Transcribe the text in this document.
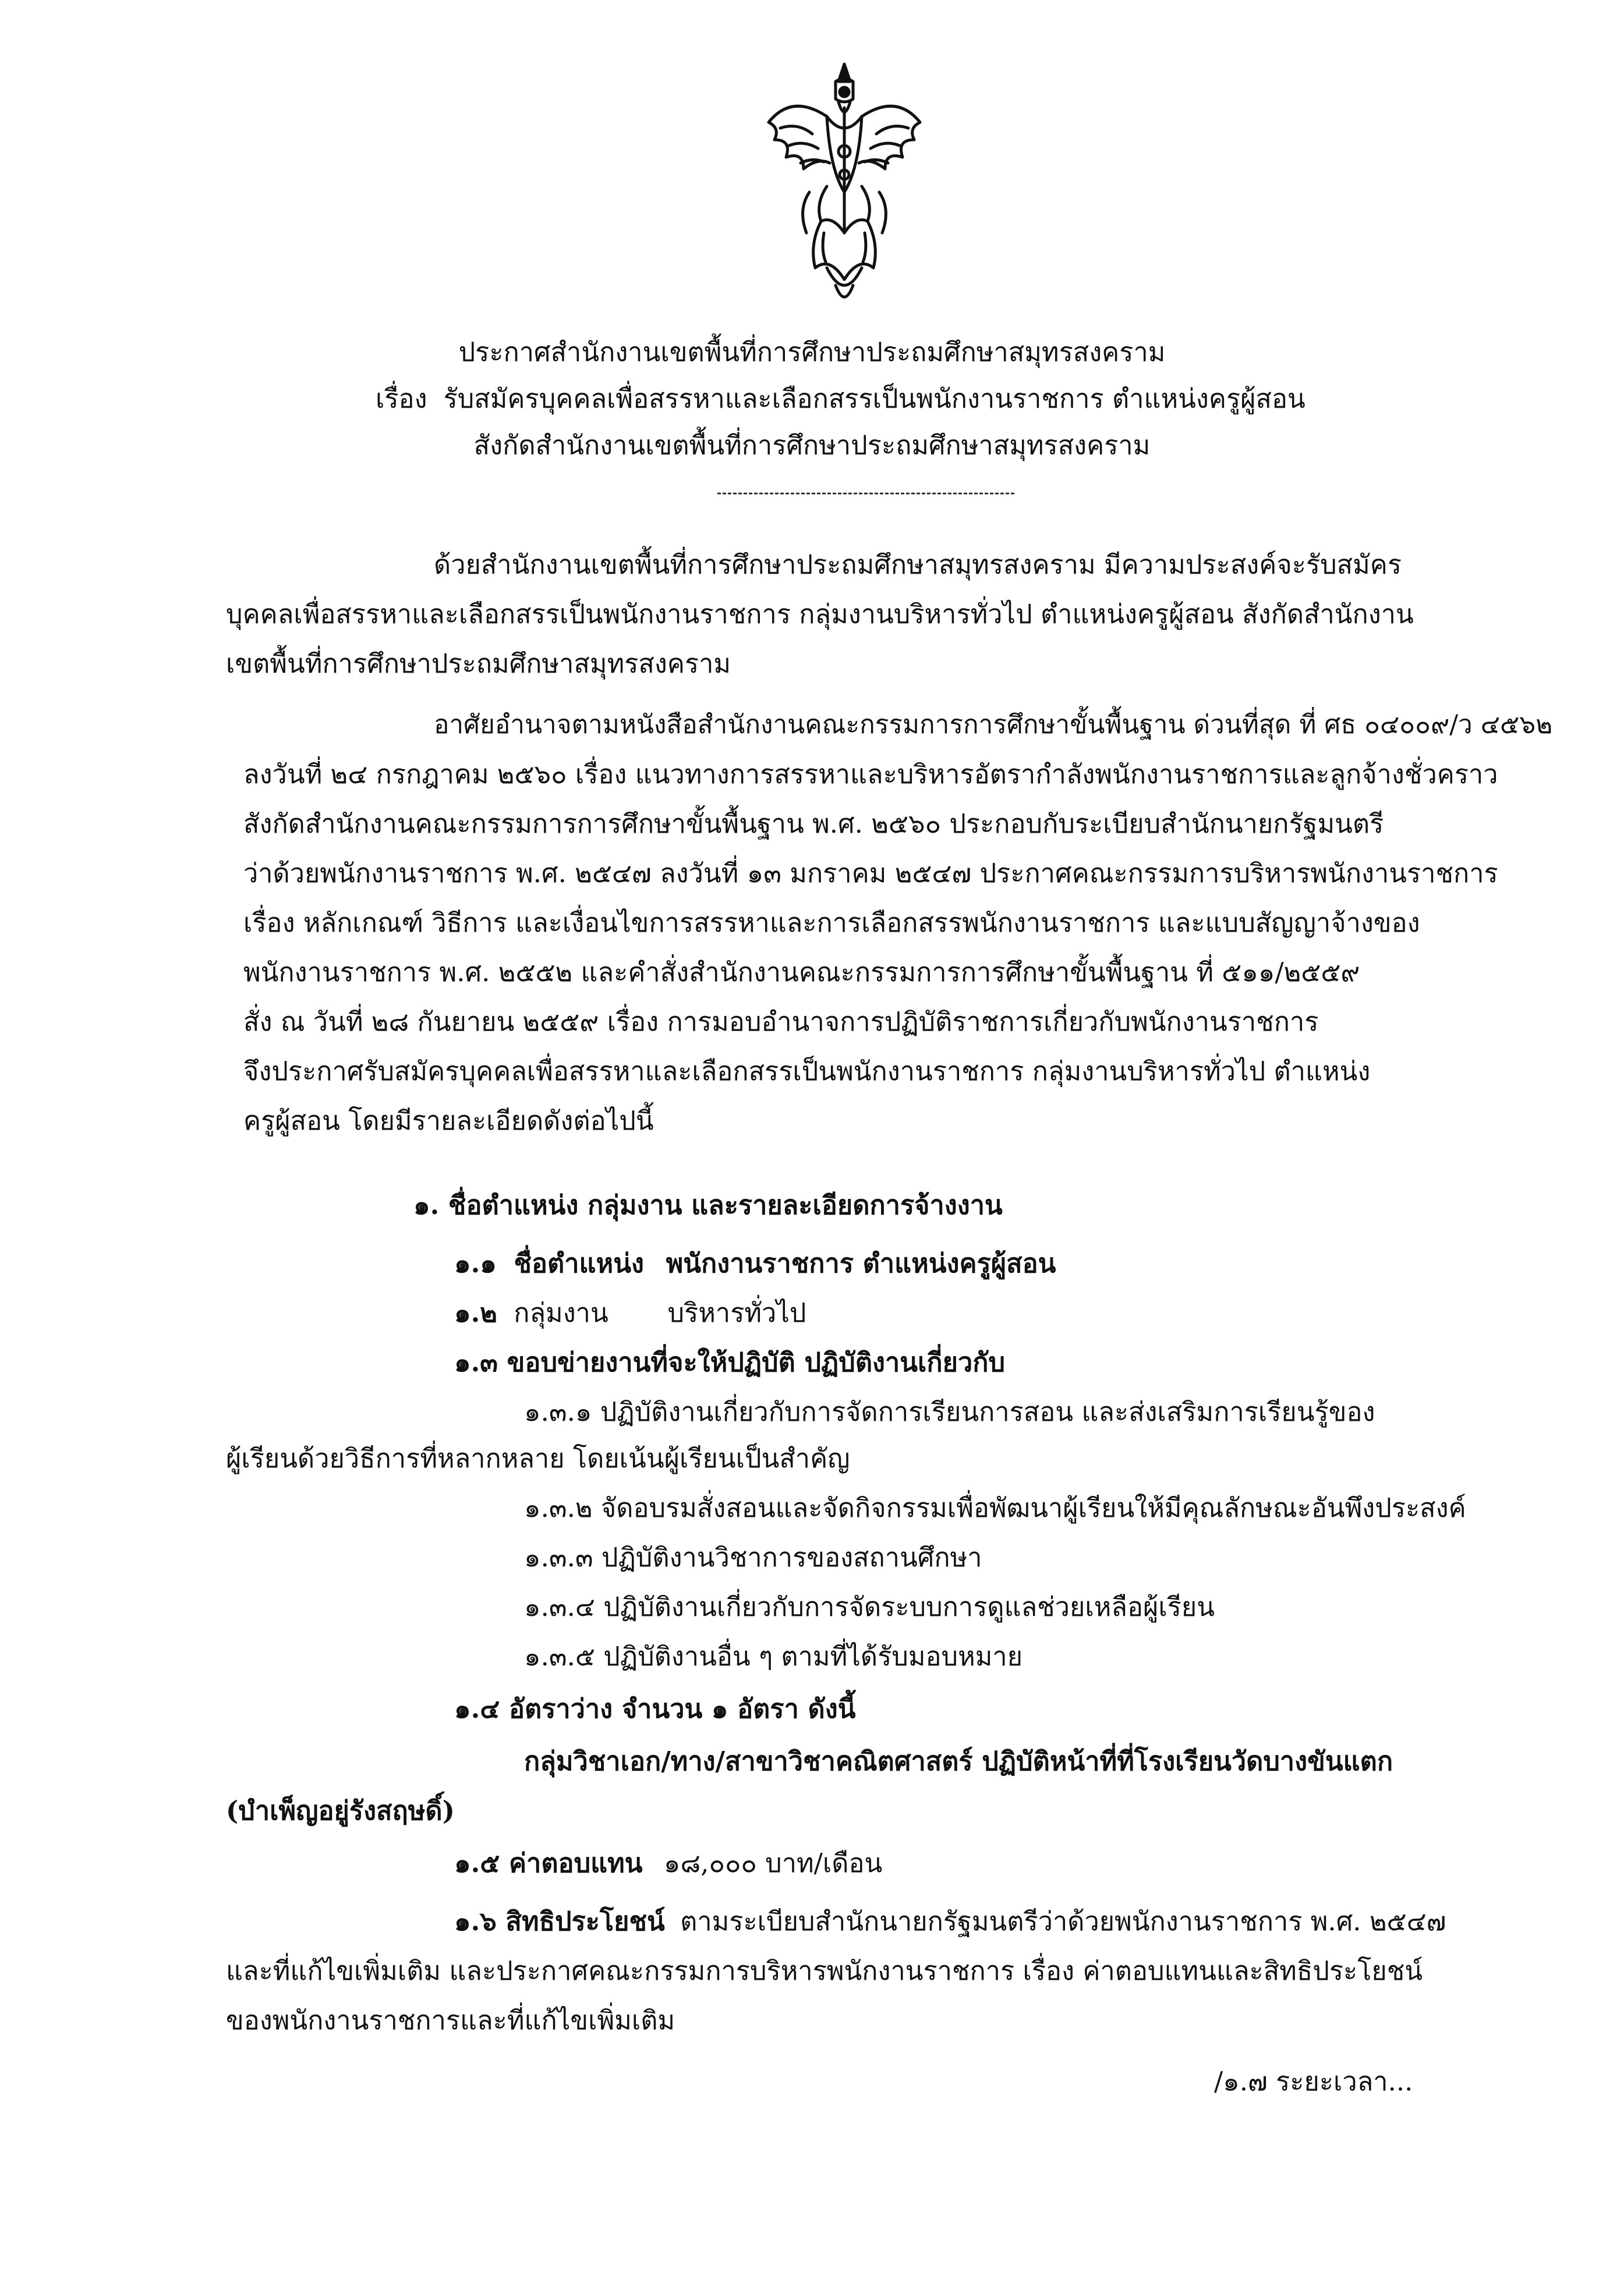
ประกาศสำนักงานเขตพื้นที่การศึกษาประถมศึกษาสมุทรสงคราม
เรื่อง รับสมัครบุคคลเพื่อสรรหาและเลือกสรรเป็นพนักงานราชการ ตำแหน่งครูผู้สอน
สังกัดสำนักงานเขตพื้นที่การศึกษาประถมศึกษาสมุทรสงคราม
ด้วยสำนักงานเขตพื้นที่การศึกษาประถมศึกษาสมุทรสงคราม มีความประสงค์จะรับสมัคร
บุคคลเพื่อสรรหาและเลือกสรรเป็นพนักงานราชการ กลุ่มงานบริหารทั่วไป ตำแหน่งครูผู้สอน สังกัดสำนักงาน
เขตพื้นที่การศึกษาประถมศึกษาสมุทรสงคราม
อาศัยอำนาจตามหนังสือสำนักงานคณะกรรมการการศึกษาขั้นพื้นฐาน ด่วนที่สุด ที่ ศธ ๐๔๐๐๙/ว ๔๕๖๒
ลงวันที่ ๒๔ กรกฎาคม ๒๕๖๐ เรื่อง แนวทางการสรรหาและบริหารอัตรากำลังพนักงานราชการและลูกจ้างชั่วคราว
สังกัดสำนักงานคณะกรรมการการศึกษาขั้นพื้นฐาน พ.ศ. ๒๕๖๐ ประกอบกับระเบียบสำนักนายกรัฐมนตรี
ว่าด้วยพนักงานราชการ พ.ศ. ๒๕๔๗ ลงวันที่ ๑๓ มกราคม ๒๕๔๗ ประกาศคณะกรรมการบริหารพนักงานราชการ
เรื่อง หลักเกณฑ์ วิธีการ และเงื่อนไขการสรรหาและการเลือกสรรพนักงานราชการ และแบบสัญญาจ้างของ
พนักงานราชการ พ.ศ. ๒๕๕๒ และคำสั่งสำนักงานคณะกรรมการการศึกษาขั้นพื้นฐาน ที่ ๕๑๑/๒๕๕๙
สั่ง ณ วันที่ ๒๘ กันยายน ๒๕๕๙ เรื่อง การมอบอำนาจการปฏิบัติราชการเกี่ยวกับพนักงานราชการ
จึงประกาศรับสมัครบุคคลเพื่อสรรหาและเลือกสรรเป็นพนักงานราชการ กลุ่มงานบริหารทั่วไป ตำแหน่ง
ครูผู้สอน โดยมีรายละเอียดดังต่อไปนี้
๑. ชื่อตำแหน่ง กลุ่มงาน และรายละเอียดการจ้างงาน
๑.๑ ชื่อตำแหน่ง พนักงานราชการ ตำแหน่งครูผู้สอน
๑.๒ กลุ่มงาน บริหารทั่วไป
๑.๓ ขอบข่ายงานที่จะให้ปฏิบัติ ปฏิบัติงานเกี่ยวกับ
๑.๓.๑ ปฏิบัติงานเกี่ยวกับการจัดการเรียนการสอน และส่งเสริมการเรียนรู้ของ
ผู้เรียนด้วยวิธีการที่หลากหลาย โดยเน้นผู้เรียนเป็นสำคัญ
๑.๓.๒ จัดอบรมสั่งสอนและจัดกิจกรรมเพื่อพัฒนาผู้เรียนให้มีคุณลักษณะอันพึงประสงค์
๑.๓.๓ ปฏิบัติงานวิชาการของสถานศึกษา
๑.๓.๔ ปฏิบัติงานเกี่ยวกับการจัดระบบการดูแลช่วยเหลือผู้เรียน
๑.๓.๕ ปฏิบัติงานอื่น ๆ ตามที่ได้รับมอบหมาย
๑.๔ อัตราว่าง จำนวน ๑ อัตรา ดังนี้
กลุ่มวิชาเอก/ทาง/สาขาวิชาคณิตศาสตร์ ปฏิบัติหน้าที่ที่โรงเรียนวัดบางขันแตก
(บำเพ็ญอยู่รังสฤษดิ์)
๑.๕ ค่าตอบแทน ๑๘,๐๐๐ บาท/เดือน
๑.๖ สิทธิประโยชน์ ตามระเบียบสำนักนายกรัฐมนตรีว่าด้วยพนักงานราชการ พ.ศ. ๒๕๔๗
และที่แก้ไขเพิ่มเติม และประกาศคณะกรรมการบริหารพนักงานราชการ เรื่อง ค่าตอบแทนและสิทธิประโยชน์
ของพนักงานราชการและที่แก้ไขเพิ่มเติม
/๑.๗ ระยะเวลา...
